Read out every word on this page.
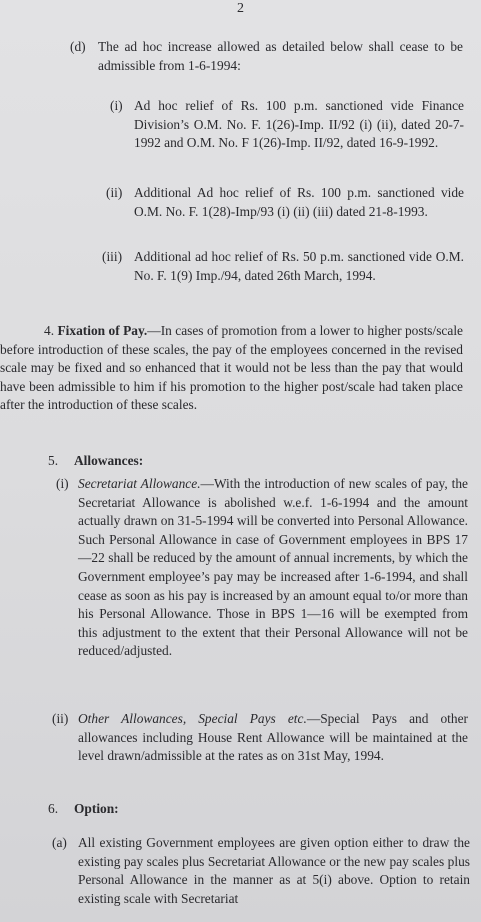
2
(d) The ad hoc increase allowed as detailed below shall cease to be admissible from 1-6-1994:
(i) Ad hoc relief of Rs. 100 p.m. sanctioned vide Finance Division’s O.M. No. F. 1(26)-Imp. II/92 (i) (ii), dated 20-7-1992 and O.M. No. F 1(26)-Imp. II/92, dated 16-9-1992.
(ii) Additional Ad hoc relief of Rs. 100 p.m. sanctioned vide O.M. No. F. 1(28)-Imp/93 (i) (ii) (iii) dated 21-8-1993.
(iii) Additional ad hoc relief of Rs. 50 p.m. sanctioned vide O.M. No. F. 1(9) Imp./94, dated 26th March, 1994.
4. Fixation of Pay.—In cases of promotion from a lower to higher posts/scale before introduction of these scales, the pay of the employees concerned in the revised scale may be fixed and so enhanced that it would not be less than the pay that would have been admissible to him if his promotion to the higher post/scale had taken place after the introduction of these scales.
5. Allowances:
(i) Secretariat Allowance.—With the introduction of new scales of pay, the Secretariat Allowance is abolished w.e.f. 1-6-1994 and the amount actually drawn on 31-5-1994 will be converted into Personal Allowance. Such Personal Allowance in case of Government employees in BPS 17—22 shall be reduced by the amount of annual increments, by which the Government employee’s pay may be increased after 1-6-1994, and shall cease as soon as his pay is increased by an amount equal to/or more than his Personal Allowance. Those in BPS 1—16 will be exempted from this adjustment to the extent that their Personal Allowance will not be reduced/adjusted.
(ii) Other Allowances, Special Pays etc.—Special Pays and other allowances including House Rent Allowance will be maintained at the level drawn/admissible at the rates as on 31st May, 1994.
6. Option:
(a) All existing Government employees are given option either to draw the existing pay scales plus Secretariat Allowance or the new pay scales plus Personal Allowance in the manner as at 5(i) above. Option to retain existing scale with Secretariat
